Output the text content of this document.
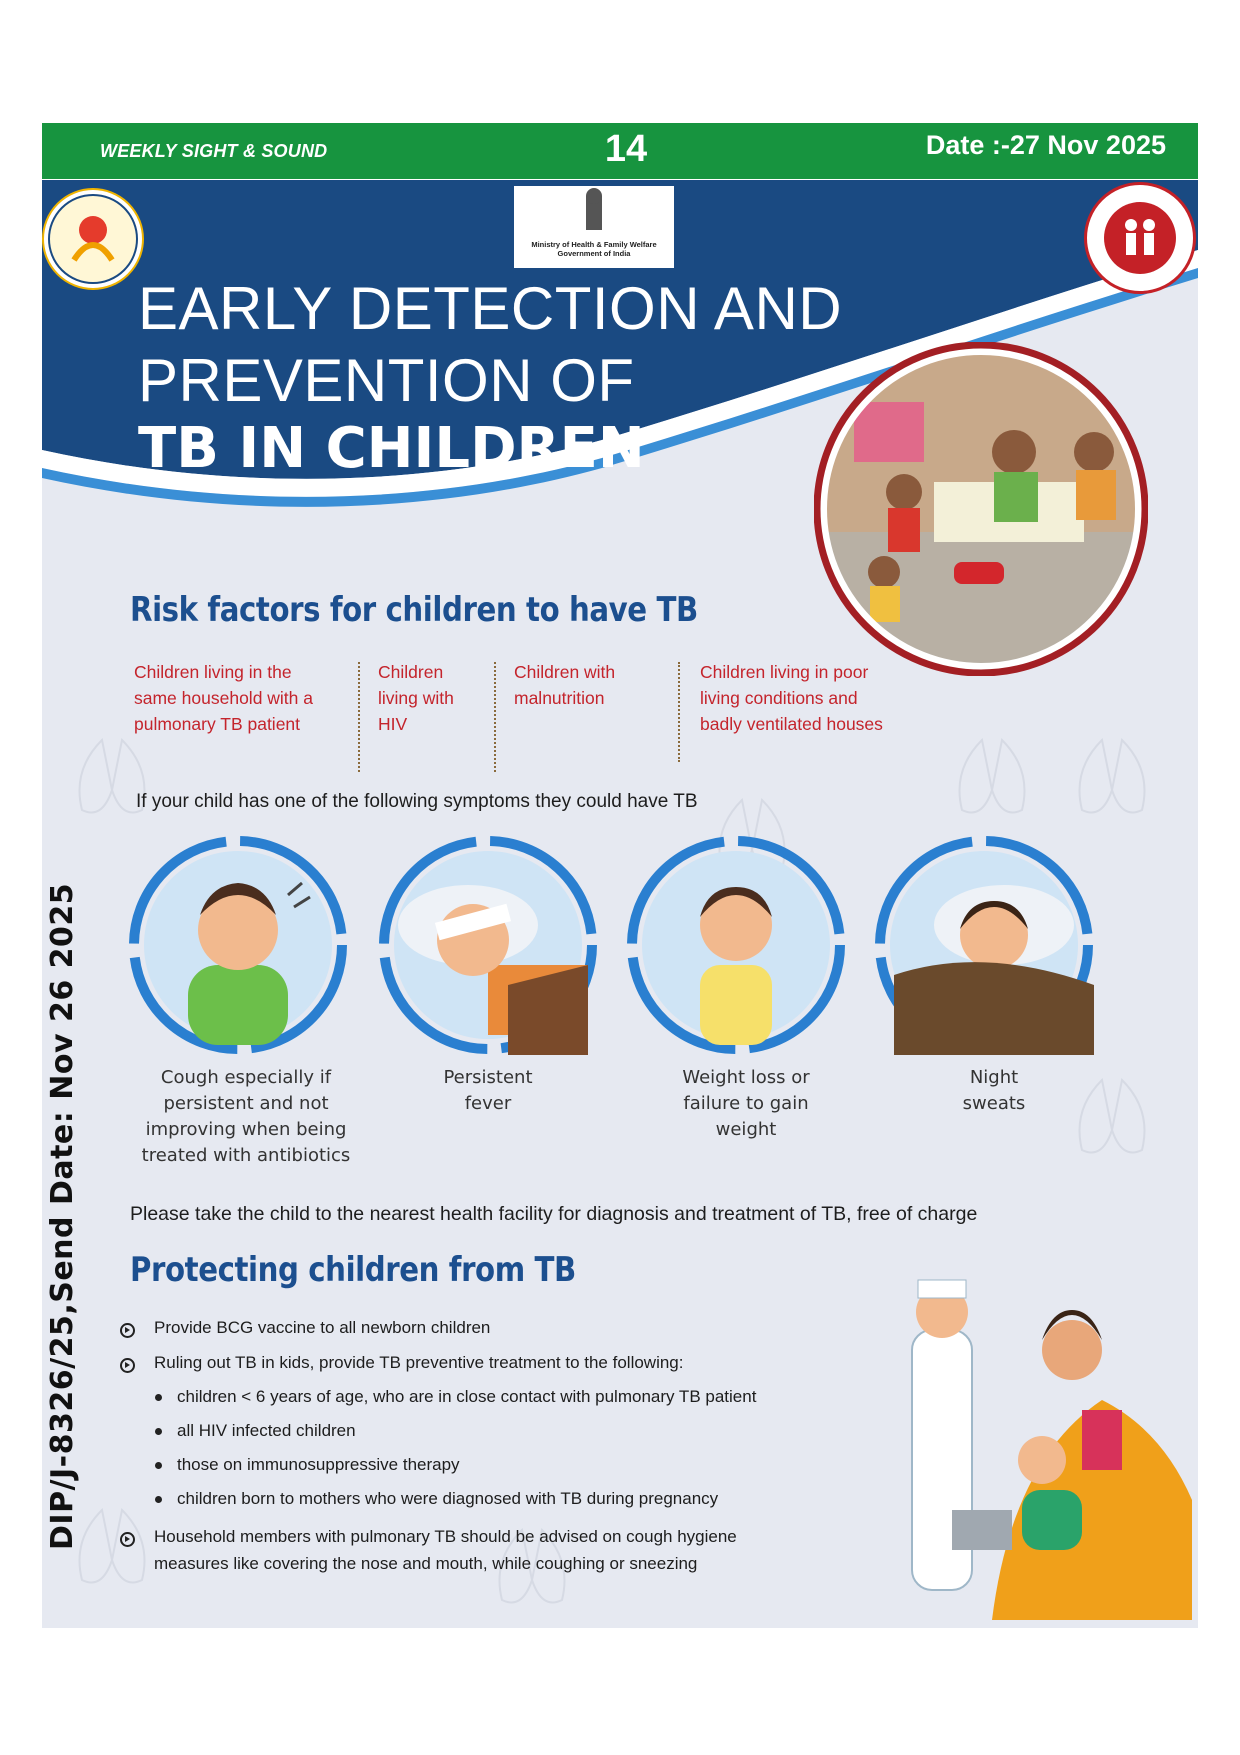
WEEKLY SIGHT & SOUND	14	Date :-27 Nov 2025
Ministry of Health & Family Welfare
Government of India
EARLY DETECTION AND
PREVENTION OF
TB IN CHILDREN
Risk factors for children to have TB
Children living in the same household with a pulmonary TB patient
Children living with HIV
Children with malnutrition
Children living in poor living conditions and badly ventilated houses
If your child has one of the following symptoms they could have TB
Cough especially if persistent and not improving when being treated with antibiotics
Persistent fever
Weight loss or failure to gain weight
Night sweats
Please take the child to the nearest health facility for diagnosis and treatment of TB, free of charge
Protecting children from TB
Provide BCG vaccine to all newborn children
Ruling out TB in kids, provide TB preventive treatment to the following:
children < 6 years of age, who are in close contact with pulmonary TB patient
all HIV infected children
those on immunosuppressive therapy
children born to mothers who were diagnosed with TB during pregnancy
Household members with pulmonary TB should be advised on cough hygiene measures like covering the nose and mouth, while coughing or sneezing
DIP/J-8326/25,Send Date: Nov 26 2025
